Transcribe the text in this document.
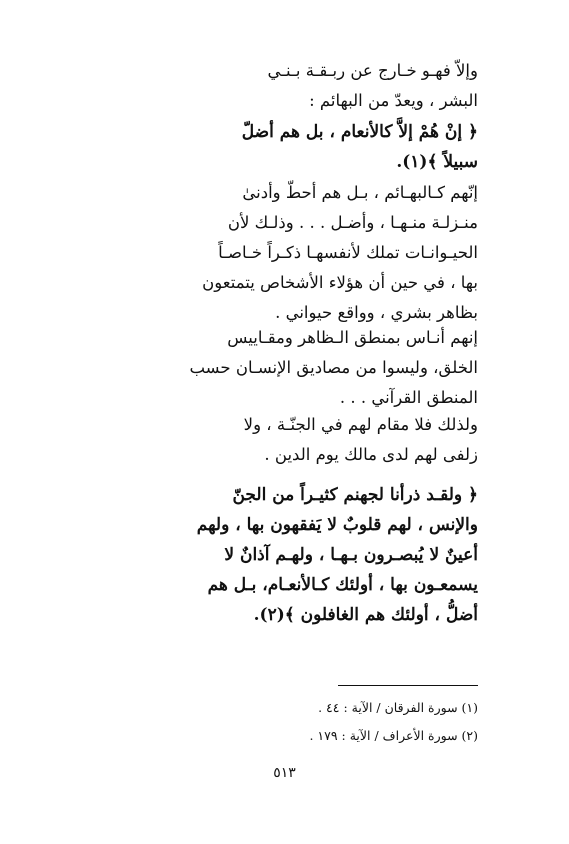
وإلاّ فهـو خـارج عن ربـقـة بـنـي
البشر ، ويعدّ من البهائم :
﴿ إنْ هُمْ إلاَّ كالأنعام ، بل هم أضلّ
سبيلاً ﴾(١).
إنّهم كـالبهـائم ، بـل هم أحطّ وأدنىٰ
منـزلـة منـهـا ، وأضـل . . . وذلـك لأن
الحيـوانـات تملك لأنفسهـا ذكـراً خـاصـاً
بها ، في حين أن هؤلاء الأشخاص يتمتعون
بظاهر بشري ، وواقع حيواني .
إنهم أنـاس بمنطق الـظاهر ومقـاييس
الخلق، وليسوا من مصاديق الإنسـان حسب
المنطق القرآني . . .
ولذلك فلا مقام لهم في الجنّـة ، ولا
زلفى لهم لدى مالك يوم الدين .
﴿ ولقـد ذرأنا لجهنم كثيـراً من الجنّ
والإنس ، لهم قلوبٌ لا يَفقهون بها ، ولهم
أعينٌ لا يُبصـرون بـهـا ، ولهـم آذانٌ لا
يسمعـون بها ، أولئك كـالأنعـام، بـل هم
أضلُّ ، أولئك هم الغافلون ﴾(٢).
(١) سورة الفرقان / الآية : ٤٤ .
(٢) سورة الأعراف / الآية : ١٧٩ .
٥١٣
